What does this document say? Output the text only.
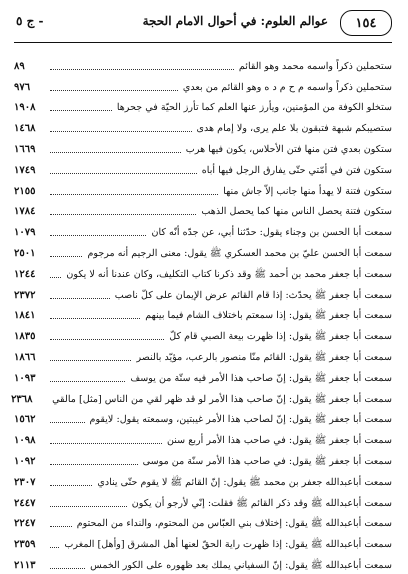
١٥٤
عوالم العلوم: في أحوال الامام الحجة
- ج ٥
ستحملين ذكراً واسمه محمد وهو القائم
٨٩
ستحملين ذكراً واسمه م ح م د ه وهو القائم من بعدي
٩٧٦
ستخلو الكوفة من المؤمنين، ويأرز عنها العلم كما تأرز الحيّة في جحرها
١٩٠٨
ستصيبكم شبهة فتبقون بلا علم يرى، ولا إمام هدى
١٤٦٨
ستكون بعدي فتن منها فتن الأحلاس، يكون فيها هرب
١٦٦٩
ستكون فتن في أمّتي حتّى يفارق الرجل فيها أباه
١٧٤٩
ستكون فتنة لا يهدأ منها جانب إلاّ جاش منها
٢١٥٥
ستكون فتنة يحصل الناس منها كما يحصل الذهب
١٧٨٤
سمعت أبا الحسن بن وجناء يقول: حدّثنا أبي، عن جدّه أنّه كان
١٠٧٩
سمعت أبا الحسن عليّ بن محمد العسكري ﷺ يقول: معنى الرجيم أنه مرجوم
٢٥٠١
سمعت أبا جعفر محمد بن أحمد ﷺ وقد ذكرنا كتاب التكليف، وكان عندنا أنه لا يكون
١٢٤٤
سمعت أبا جعفر ﷺ يحدّث: إذا قام القائم عرض الإيمان على كلّ ناصب
٢٣٧٢
سمعت أبا جعفر ﷺ يقول: إذا سمعتم باختلاف الشام فيما بينهم
١٨٤١
سمعت أبا جعفر ﷺ يقول: إذا ظهرت بيعة الصبي قام كلّ
١٨٣٥
سمعت أبا جعفر ﷺ يقول: القائم منّا منصور بالرعب، مؤيّد بالنصر
١٨٦٦
سمعت أبا جعفر ﷺ يقول: إنّ صاحب هذا الأمر فيه ستّة من يوسف
١٠٩٣
سمعت أبا جعفر ﷺ يقول: إنّ صاحب هذا الأمر لو قد ظهر لقي من الناس [مثل] مالقي
٢٣٦٨
سمعت أبا جعفر ﷺ يقول: إنّ لصاحب هذا الأمر غيبتين، وسمعته يقول: لايقوم
١٥٦٢
سمعت أبا جعفر ﷺ يقول: في صاحب هذا الأمر أربع سنن
١٠٩٨
سمعت أبا جعفر ﷺ يقول: في صاحب هذا الأمر سنّة من موسى
١٠٩٢
سمعت أباعبدالله جعفر بن محمد ﷺ يقول: إنّ القائم ﷺ لا يقوم حتّى ينادي
٢٣٠٧
سمعت أباعبدالله ﷺ وقد ذكر القائم ﷺ فقلت: إنّي لأرجو أن يكون
٢٤٤٧
سمعت أباعبدالله ﷺ يقول: إختلاف بني العبّاس من المحتوم، والنداء من المحتوم
٢٢٤٧
سمعت أباعبدالله ﷺ يقول: إذا ظهرت راية الحقّ لعنها أهل المشرق [وأهل] المغرب
٢٣٥٩
سمعت أباعبدالله ﷺ يقول: إنّ السفياني يملك بعد ظهوره على الكور الخمس
٢١١٣
